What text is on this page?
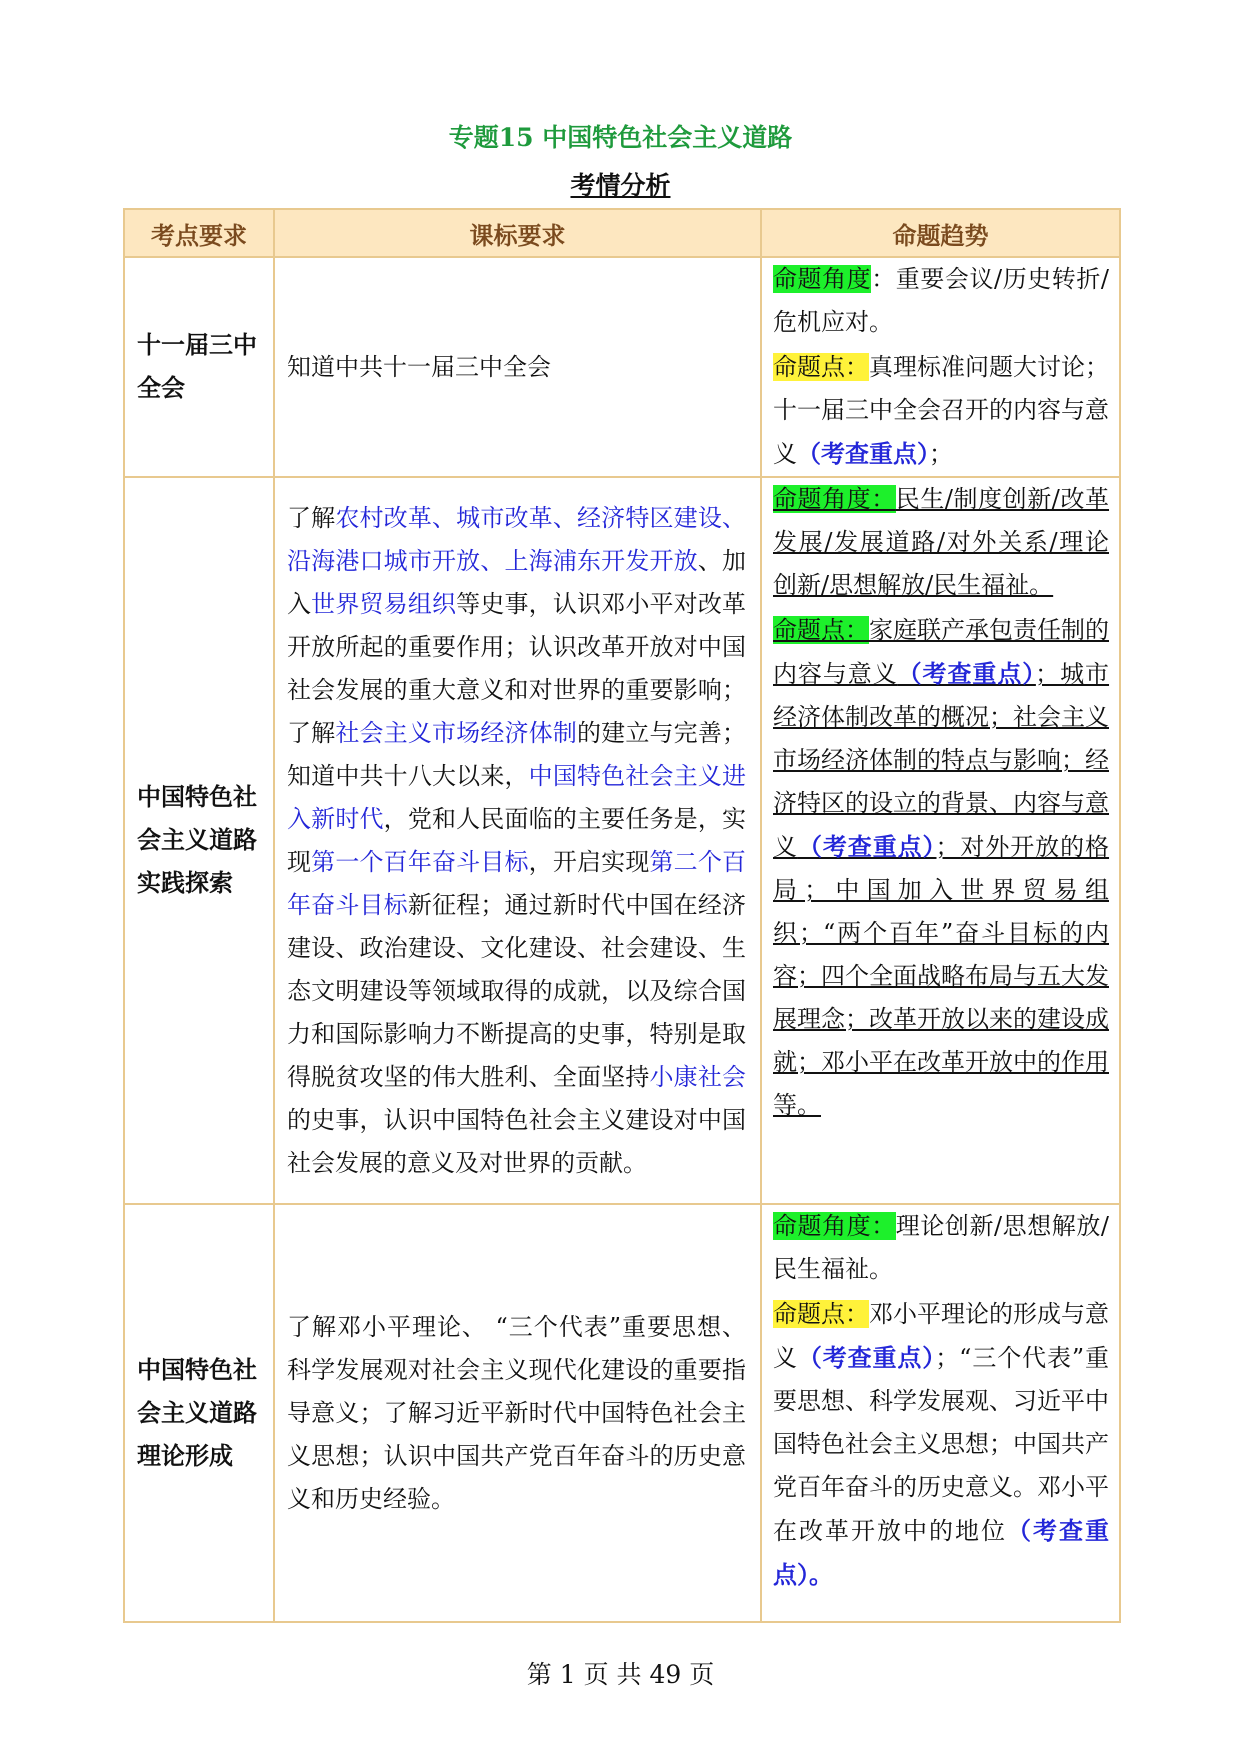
专题15 中国特色社会主义道路
考情分析
考点要求	课标要求	命题趋势
十一届三中全会	知道中共十一届三中全会	命题角度：重要会议/历史转折/危机应对。
命题点：真理标准问题大讨论；十一届三中全会召开的内容与意义（考查重点）；

中国特色社会主义道路实践探索	了解农村改革、城市改革、经济特区建设、沿海港口城市开放、上海浦东开发开放、加入世界贸易组织等史事，认识邓小平对改革开放所起的重要作用；认识改革开放对中国社会发展的重大意义和对世界的重要影响；了解社会主义市场经济体制的建立与完善；知道中共十八大以来，中国特色社会主义进入新时代，党和人民面临的主要任务是，实现第一个百年奋斗目标，开启实现第二个百年奋斗目标新征程；通过新时代中国在经济建设、政治建设、文化建设、社会建设、生态文明建设等领域取得的成就，以及综合国力和国际影响力不断提高的史事，特别是取得脱贫攻坚的伟大胜利、全面坚持小康社会的史事，认识中国特色社会主义建设对中国社会发展的意义及对世界的贡献。	命题角度：民生/制度创新/改革发展/发展道路/对外关系/理论创新/思想解放/民生福祉。
命题点：家庭联产承包责任制的内容与意义（考查重点）；城市经济体制改革的概况；社会主义市场经济体制的特点与影响；经济特区的设立的背景、内容与意义（考查重点）；对外开放的格局；中国加入世界贸易组织；“两个百年”奋斗目标的内容；四个全面战略布局与五大发展理念；改革开放以来的建设成就；邓小平在改革开放中的作用等。

中国特色社会主义道路理论形成	了解邓小平理论、 “三个代表”重要思想、科学发展观对社会主义现代化建设的重要指导意义；了解习近平新时代中国特色社会主义思想；认识中国共产党百年奋斗的历史意义和历史经验。	命题角度：理论创新/思想解放/民生福祉。
命题点：邓小平理论的形成与意义（考查重点）；“三个代表”重要思想、科学发展观、习近平中国特色社会主义思想；中国共产党百年奋斗的历史意义。邓小平在改革开放中的地位（考查重点）。
第 1 页 共 49 页
